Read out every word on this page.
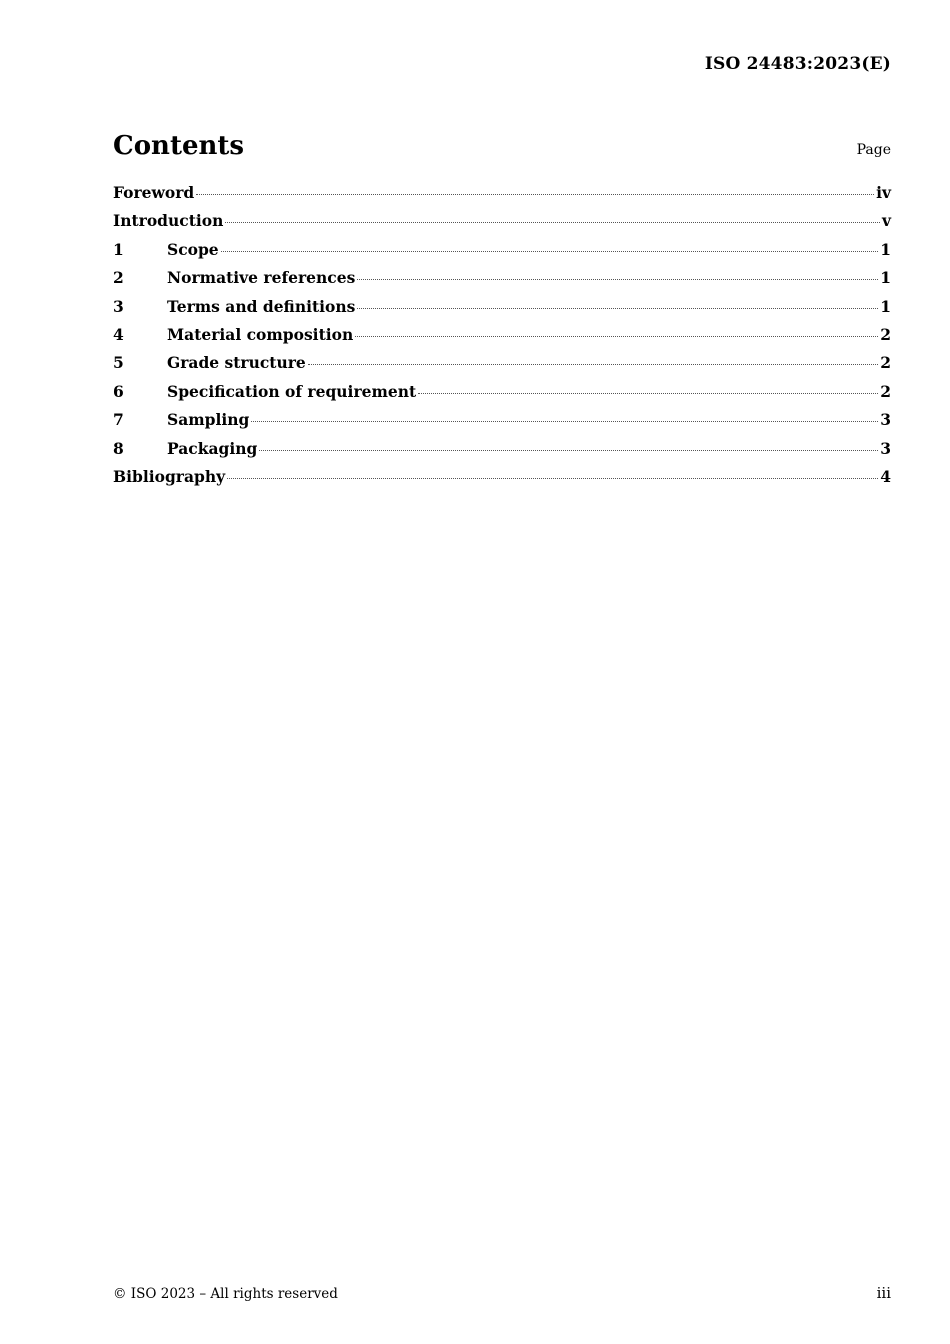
ISO 24483:2023(E)
Contents	Page
Foreword	iv
Introduction	v
1	Scope	1
2	Normative references	1
3	Terms and definitions	1
4	Material composition	2
5	Grade structure	2
6	Specification of requirement	2
7	Sampling	3
8	Packaging	3
Bibliography	4
© ISO 2023 – All rights reserved	iii
